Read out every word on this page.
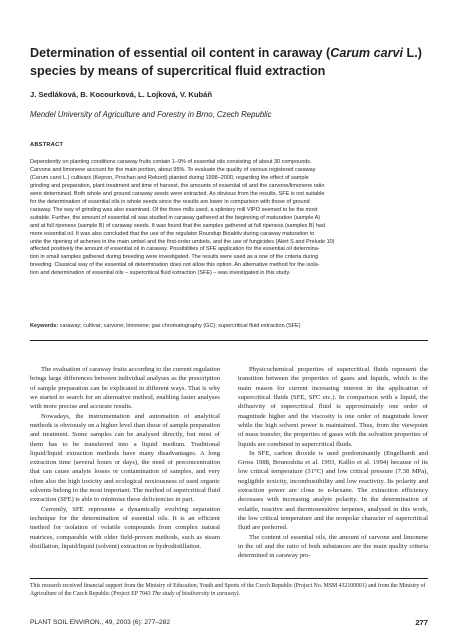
Determination of essential oil content in caraway (Carum carvi L.) species by means of supercritical fluid extraction
J. Sedláková, B. Kocourková, L. Lojková, V. Kubáň
Mendel University of Agriculture and Forestry in Brno, Czech Republic
ABSTRACT
Dependently on planting conditions caraway fruits contain 1–9% of essential oils consisting of about 30 compounds.
Carvone and limonene account for the main portion, about 95%. To evaluate the quality of various registered caraway
(Carum carvi L.) cultivars (Kepron, Prochan and Rekord) planted during 1998–2000, regarding the effect of sample
grinding and preparation, plant treatment and time of harvest, the amounts of essential oil and the carvone/limonene ratio
were determined. Both whole and ground caraway seeds were extracted. As obvious from the results, SFE is not suitable
for the determination of essential oils in whole seeds since the results are lower in comparison with those of ground
caraway. The way of grinding was also examined. Of the three mills used, a splintery mill VIPO seemed to be the most
suitable. Further, the amount of essential oil was studied in caraway gathered at the beginning of maturation (sample A)
and at full ripeness (sample B) of caraway seeds. It was found that the samples gathered at full ripeness (samples B) had
more essential oil. It was also concluded that the use of the regulator Roundup Bioaktiv during caraway maturation to
unite the ripening of achenes in the main umbel and the first-order umbels, and the use of fungicides (Alert S and Prelude 10)
affected positively the amount of essential oil in caraway. Possibilities of SFE application for the essential oil determina-
tion in small samples gathered during breeding were investigated. The results were used as a one of the criteria during
breeding. Classical way of the essential oil determination does not allow this option. An alternative method for the isola-
tion and determination of essential oils – supercritical fluid extraction (SFE) – was investigated in this study.
Keywords: caraway; cultivar; carvone; limonene; gas chromatography (GC); supercritical fluid extraction (SFE)

The evaluation of caraway fruits according to the current regulation brings large differences between individual analyses as the prescription of sample preparation can be explicated in different ways. That is why we started to search for an alternative method, enabling faster analyses with more precise and accurate results.

Nowadays, the instrumentation and automation of analytical methods is obviously on a higher level than those of sample preparation and treatment. Some samples can be analysed directly, but most of them has to be transferred into a liquid medium. Traditional liquid/liquid extraction methods have many disadvantages. A long extraction time (several hours or days), the need of preconcentration that can cause analyte losses or contamination of samples, and very often also the high toxicity and ecological noxiousness of used organic solvents belong to the most important. The method of supercritical fluid extraction (SFE) is able to minimise these deficiencies in part.

Currently, SFE represents a dynamically evolving separation technique for the determination of essential oils. It is an efficient method for isolation of volatile compounds from complex natural matrices, comparable with older field-proven methods, such as steam distillation, liquid/liquid (solvent) extraction or hydrodistillation.

Physicochemical properties of supercritical fluids represent the transition between the properties of gases and liquids, which is the main reason for current increasing interest in the application of supercritical fluids (SFE, SFC etc.). In comparison with a liquid, the diffusivity of supercritical fluid is approximately one order of magnitude higher and the viscosity is one order of magnitude lower while the high solvent power is maintained. Thus, from the viewpoint of mass transfer, the properties of gases with the solvation properties of liquids are combined in supercritical fluids.

In SFE, carbon dioxide is used predominantly (Engelhardt and Gross 1988, Bounoshita et al. 1993, Kallio et al. 1994) because of its low critical temperature (31°C) and low critical pressure (7.38 MPa), negligible toxicity, incombustibility and low reactivity. Its polarity and extraction power are close to n-hexane. The extraction efficiency decreases with increasing analyte polarity. In the determination of volatile, reactive and thermosensitive terpenes, analysed in this work, the low critical temperature and the nonpolar character of supercritical fluid are preferred.

The content of essential oils, the amount of carvone and limonene in the oil and the ratio of both substances are the main quality criteria determined in caraway pro-

This research received financial support from the Ministry of Education, Youth and Sports of the Czech Republic (Project No. MSM 432100001) and from the Ministry of Agriculture of the Czech Republic (Project EP 7043 The study of biodiversity in caraway).
PLANT SOIL ENVIRON., 49, 2003 (6): 277–282	277
